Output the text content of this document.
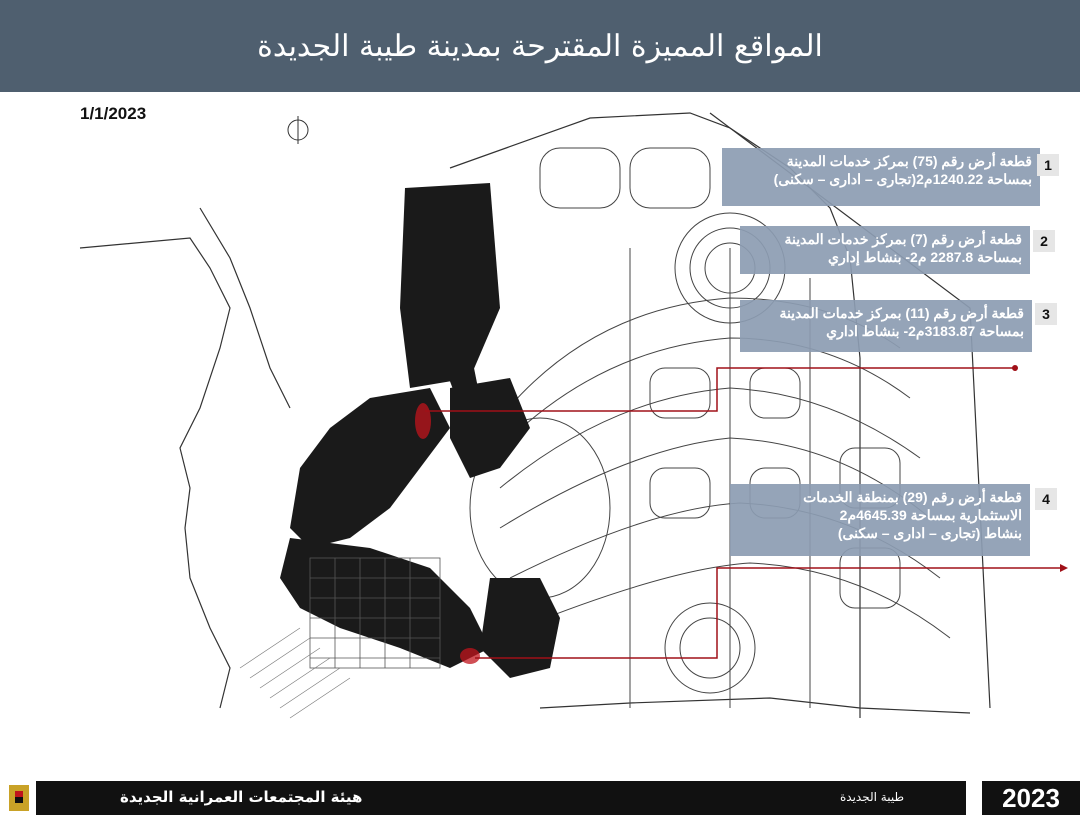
المواقع المميزة المقترحة بمدينة طيبة الجديدة
1/1/2023
قطعة أرض رقم (75) بمركز خدمات المدينة
بمساحة 1240.22م2(تجارى – ادارى – سكنى)
1
قطعة أرض رقم (7) بمركز خدمات المدينة
بمساحة 2287.8 م2- بنشاط إداري
2
قطعة أرض رقم (11) بمركز خدمات المدينة
بمساحة 3183.87م2- بنشاط اداري
3
قطعة أرض رقم (29) بمنطقة الخدمات
الاستثمارية بمساحة 4645.39م2
بنشاط (تجارى – ادارى – سكنى)
4
هيئة المجتمعات العمرانية الجديدة	طيبة الجديدة	2023
